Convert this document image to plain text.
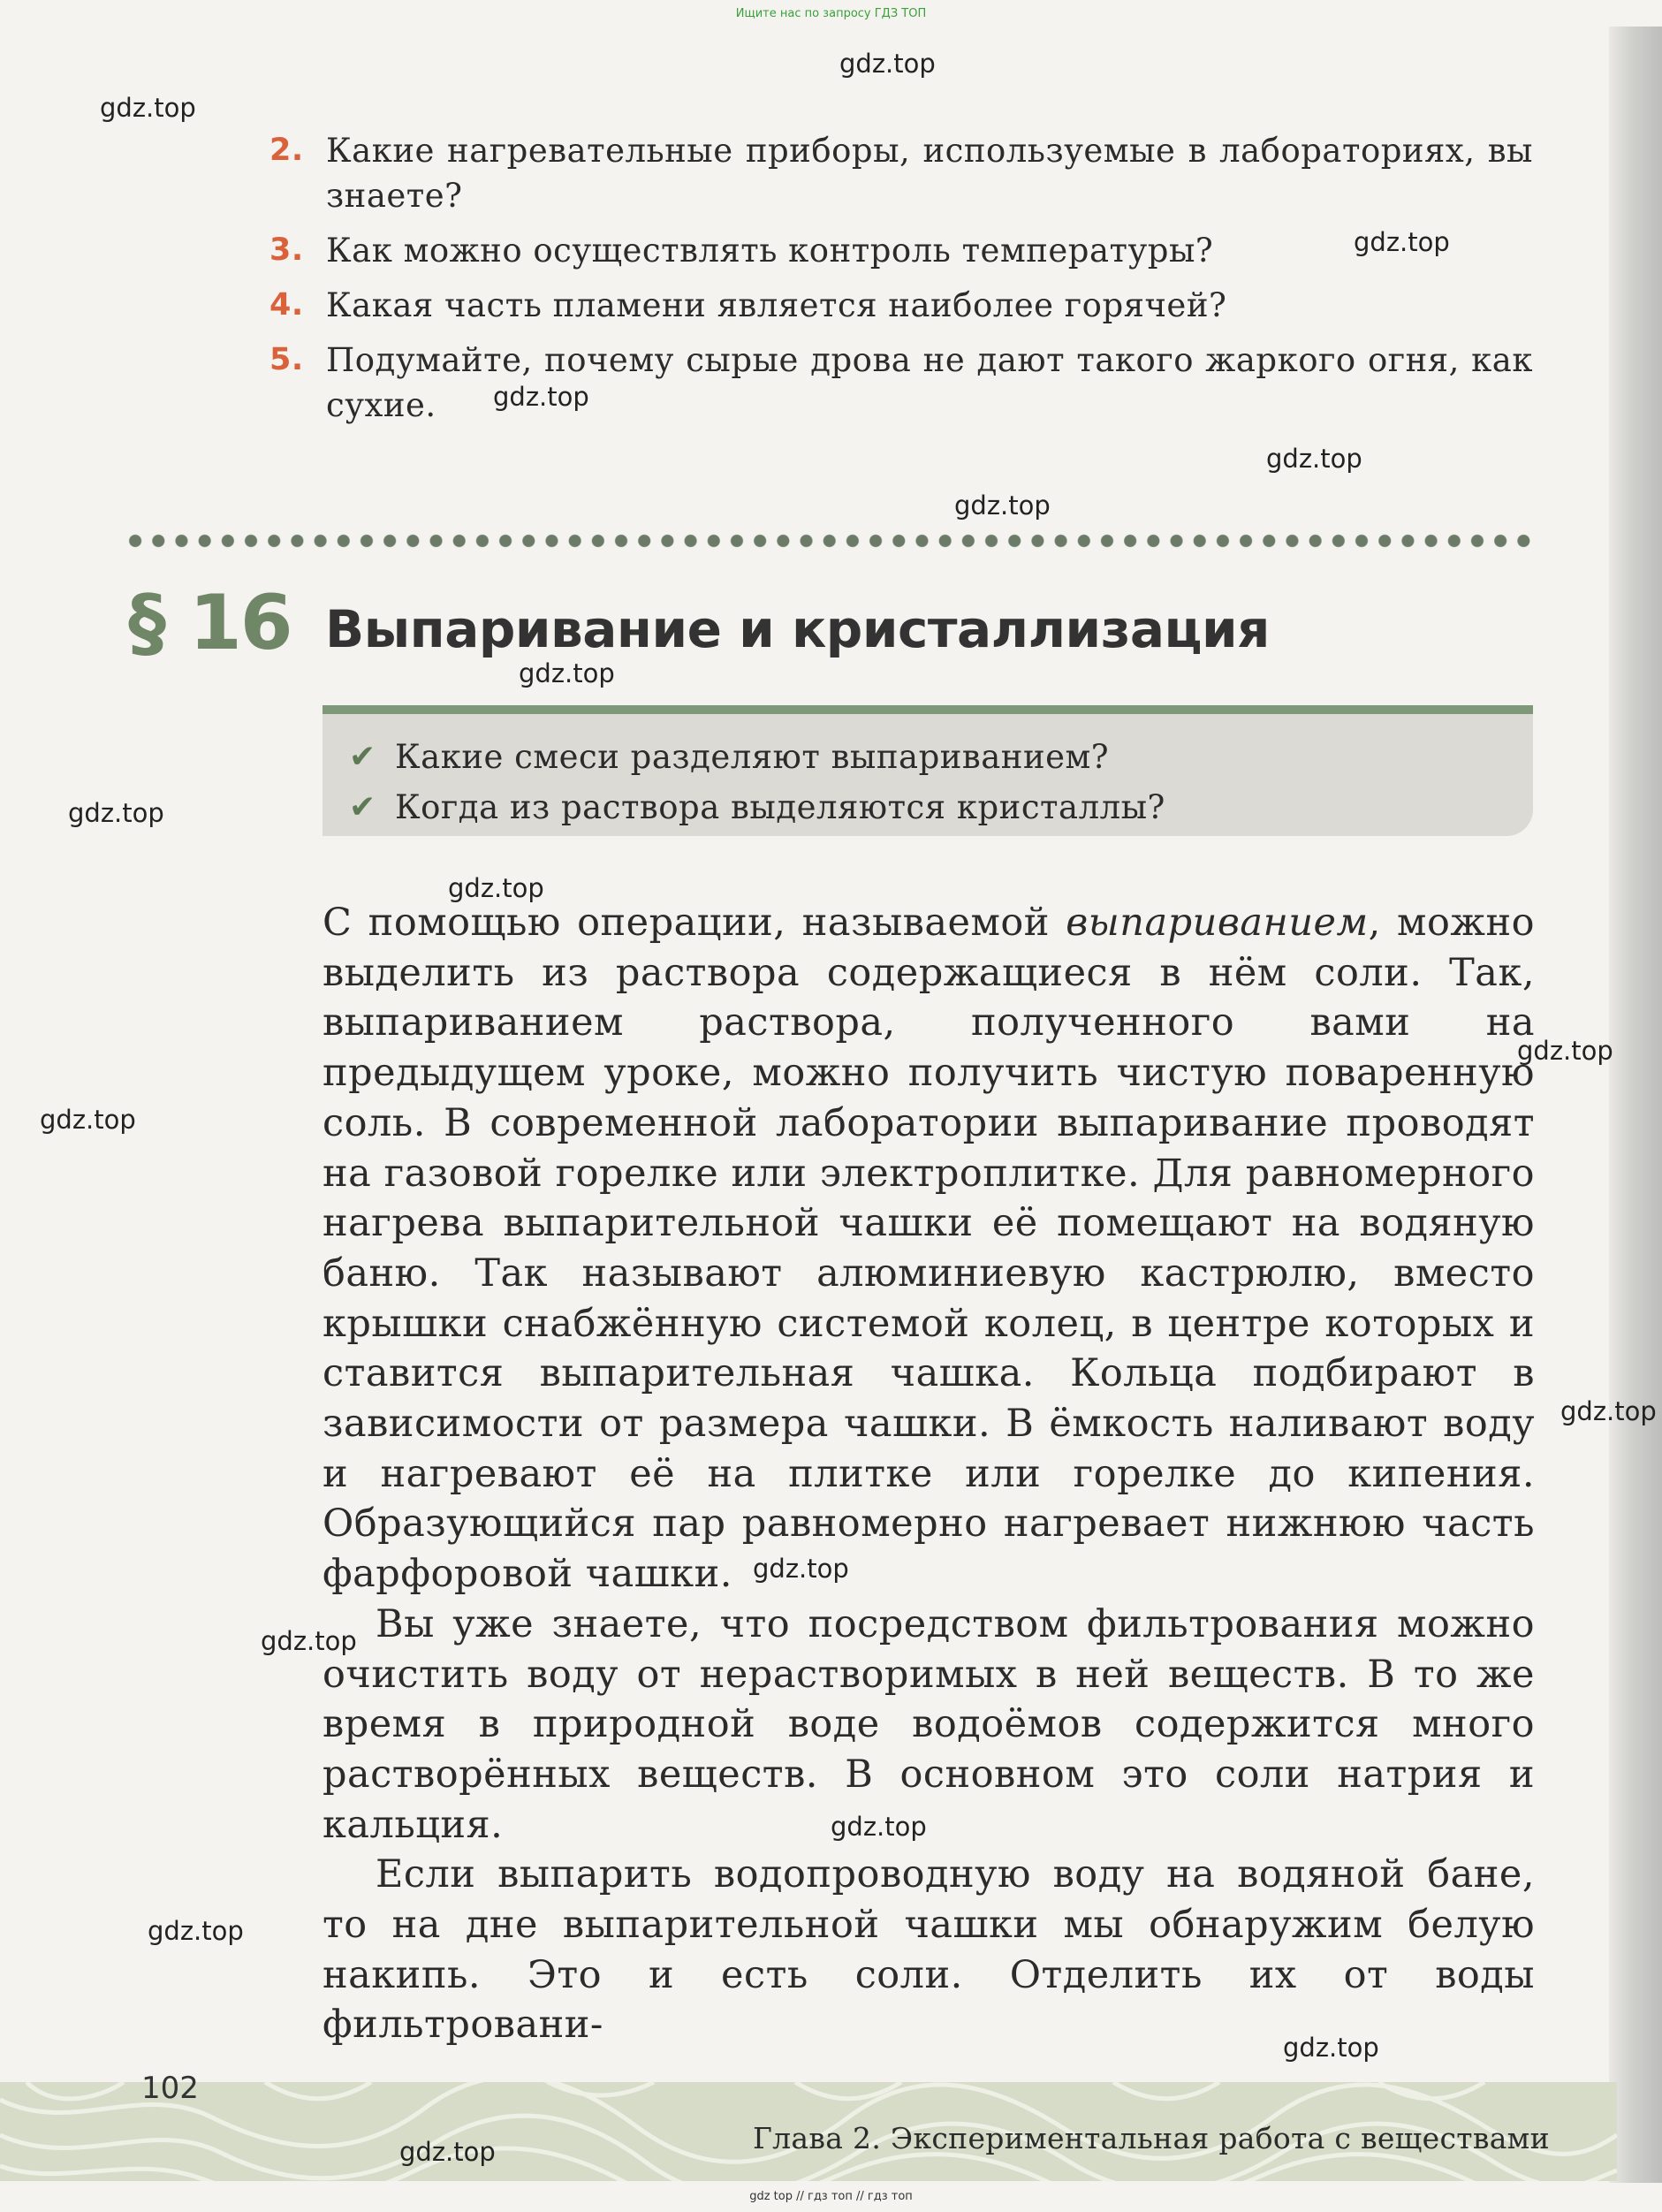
Ищите нас по запросу ГДЗ ТОП
2. Какие нагревательные приборы, используемые в лабораториях, вы знаете?
3. Как можно осуществлять контроль температуры?
4. Какая часть пламени является наиболее горячей?
5. Подумайте, почему сырые дрова не дают такого жаркого огня, как сухие.
§ 16 Выпаривание и кристаллизация
✔ Какие смеси разделяют выпариванием?
✔ Когда из раствора выделяются кристаллы?

С помощью операции, называемой выпариванием, можно выделить из раствора содержащиеся в нём соли. Так, выпариванием раствора, полученного вами на предыдущем уроке, можно получить чистую поваренную соль. В современной лаборатории выпаривание проводят на газовой горелке или электроплитке. Для равномерного нагрева выпарительной чашки её помещают на водяную баню. Так называют алюминиевую кастрюлю, вместо крышки снабжённую системой колец, в центре которых и ставится выпарительная чашка. Кольца подбирают в зависимости от размера чашки. В ёмкость наливают воду и нагревают её на плитке или горелке до кипения. Образующийся пар равномерно нагревает нижнюю часть фарфоровой чашки.

Вы уже знаете, что посредством фильтрования можно очистить воду от нерастворимых в ней веществ. В то же время в природной воде водоёмов содержится много растворённых веществ. В основном это соли натрия и кальция.

Если выпарить водопроводную воду на водяной бане, то на дне выпарительной чашки мы обнаружим белую накипь. Это и есть соли. Отделить их от воды фильтровани-

102
Глава 2. Экспериментальная работа с веществами
gdz top // гдз топ // гдз топ
gdz.top
gdz.top
gdz.top
gdz.top
gdz.top
gdz.top
gdz.top
gdz.top
gdz.top
gdz.top
gdz.top
gdz.top
gdz.top
gdz.top
gdz.top
gdz.top
gdz.top
gdz.top
